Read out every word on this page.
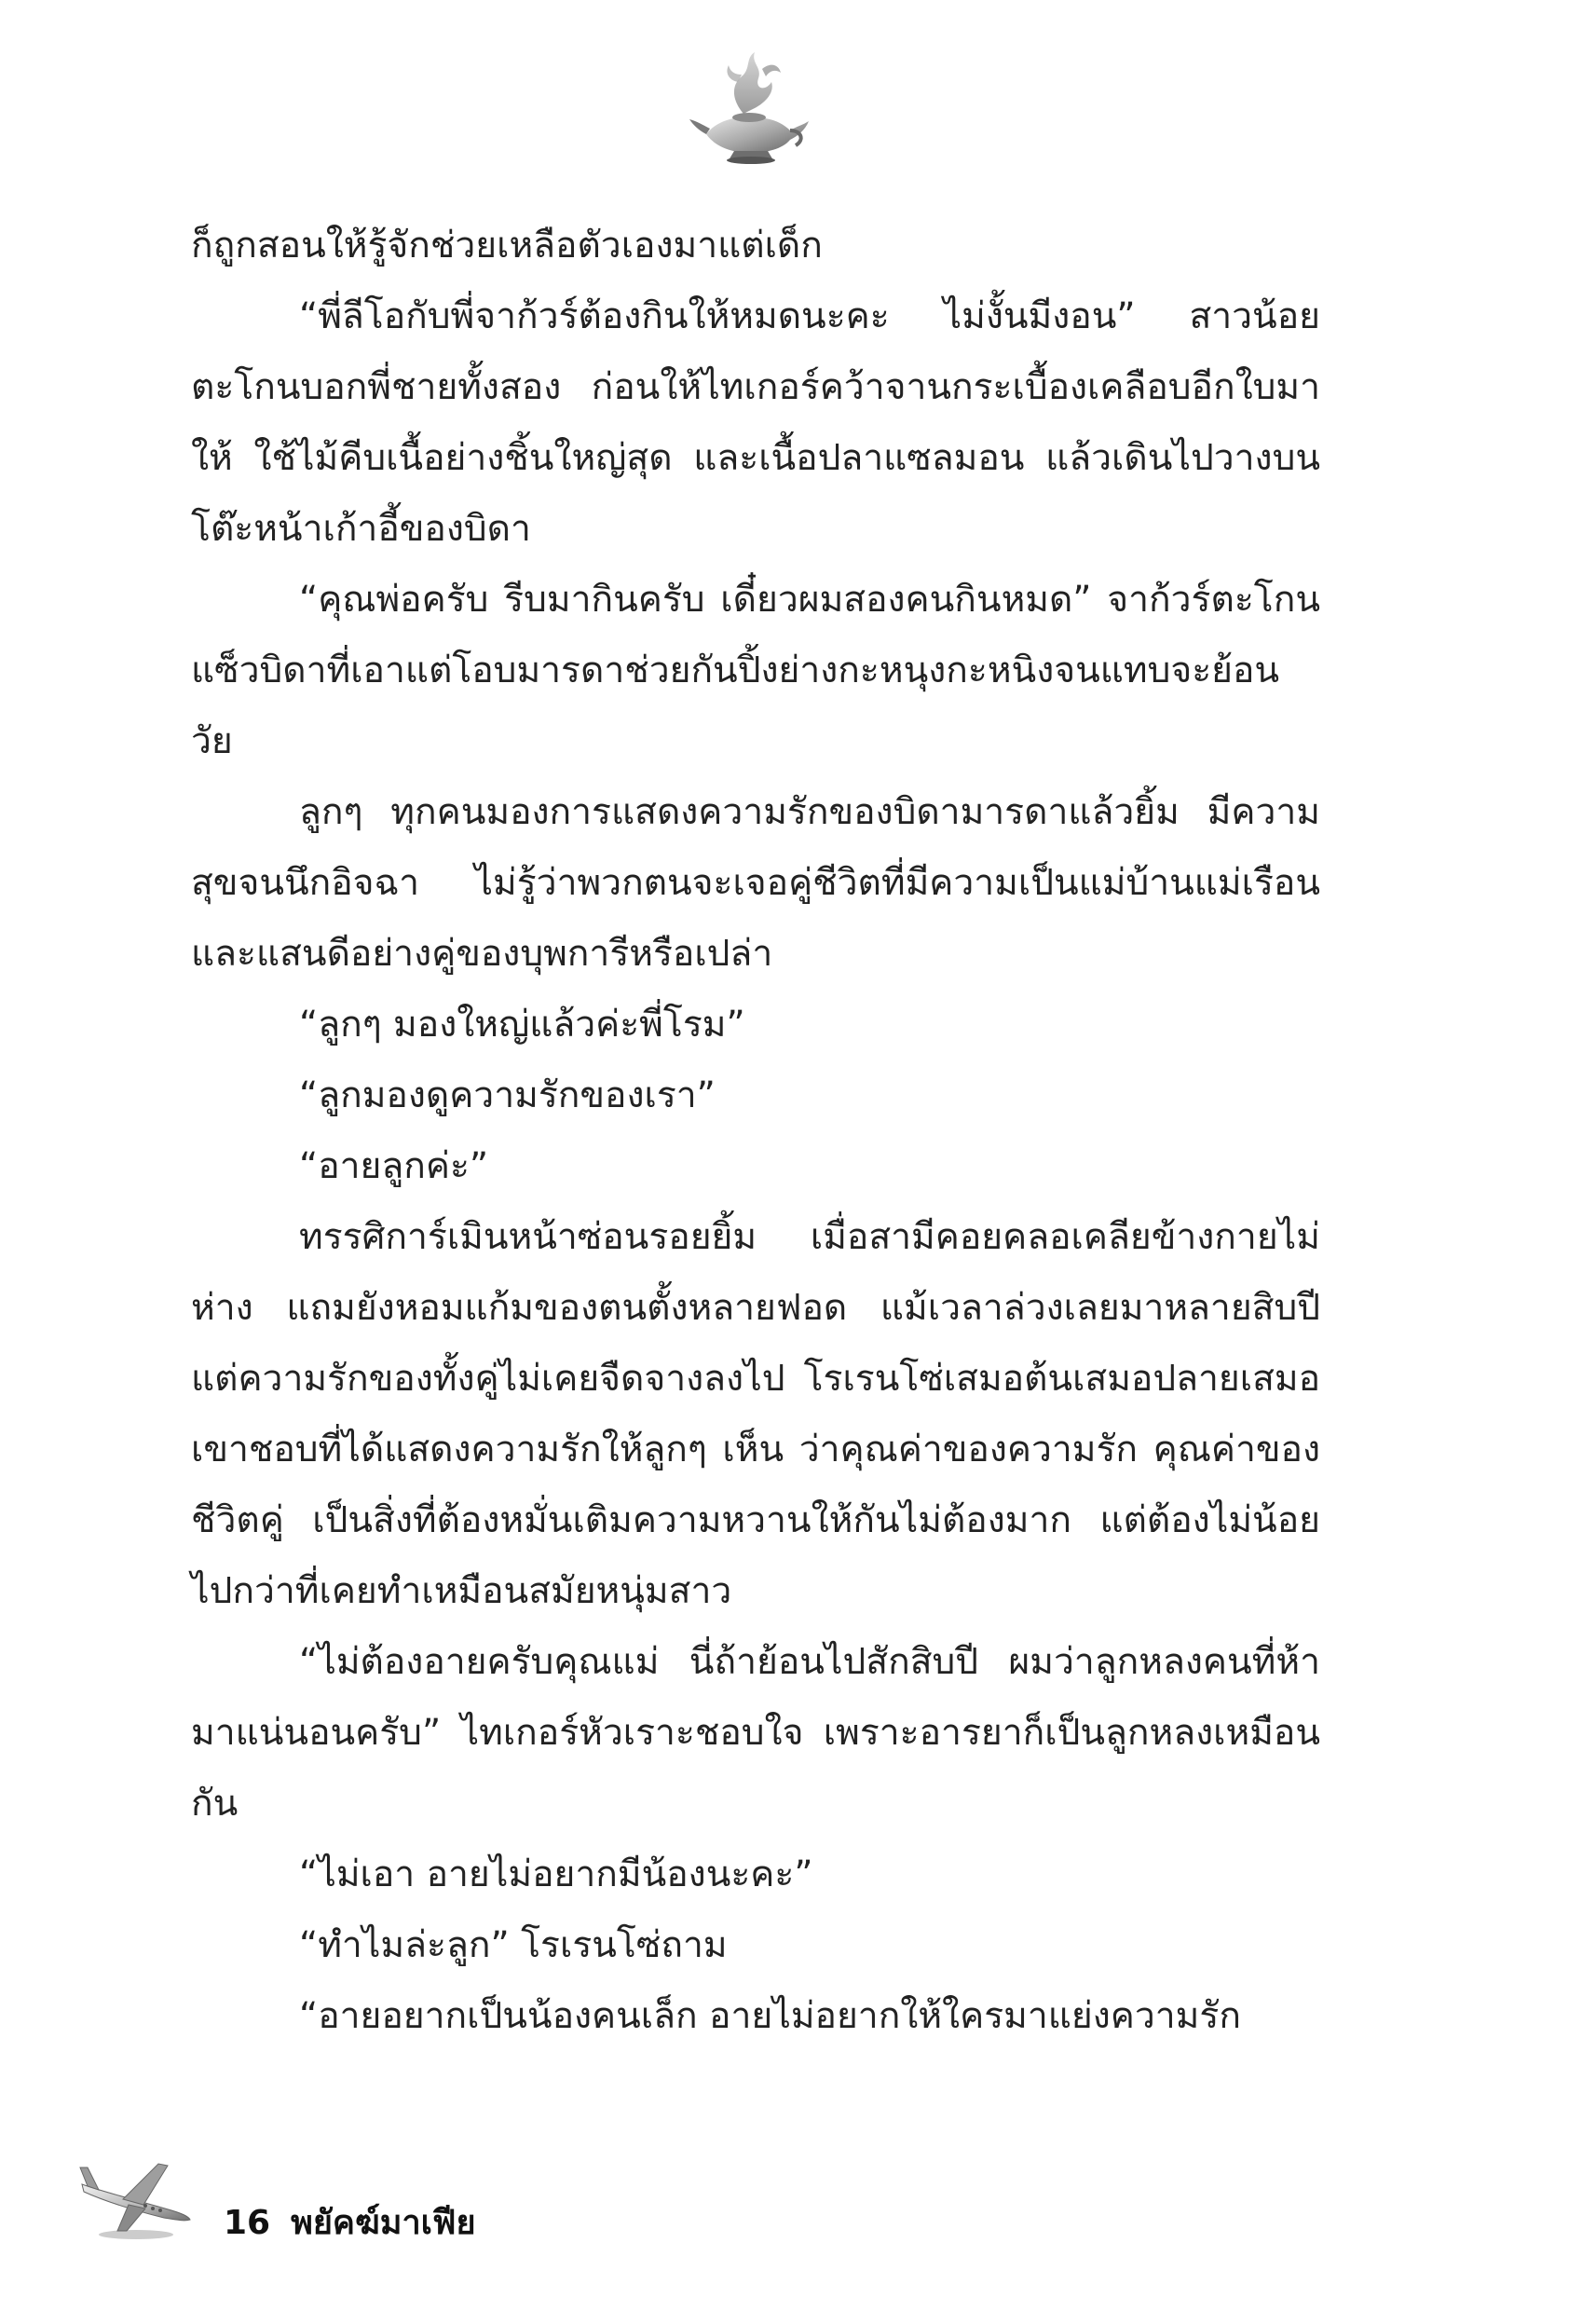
ก็ถูกสอนให้รู้จักช่วยเหลือตัวเองมาแต่เด็ก

“พี่ลีโอกับพี่จาก้วร์ต้องกินให้หมดนะคะ ไม่งั้นมีงอน” สาวน้อยตะโกนบอกพี่ชายทั้งสอง ก่อนให้ไทเกอร์คว้าจานกระเบื้องเคลือบอีกใบมาให้ ใช้ไม้คีบเนื้อย่างชิ้นใหญ่สุด และเนื้อปลาแซลมอน แล้วเดินไปวางบนโต๊ะหน้าเก้าอี้ของบิดา

“คุณพ่อครับ รีบมากินครับ เดี๋ยวผมสองคนกินหมด” จาก้วร์ตะโกนแซ็วบิดาที่เอาแต่โอบมารดาช่วยกันปิ้งย่างกะหนุงกะหนิงจนแทบจะย้อนวัย

ลูกๆ ทุกคนมองการแสดงความรักของบิดามารดาแล้วยิ้ม มีความสุขจนนึกอิจฉา ไม่รู้ว่าพวกตนจะเจอคู่ชีวิตที่มีความเป็นแม่บ้านแม่เรือนและแสนดีอย่างคู่ของบุพการีหรือเปล่า

“ลูกๆ มองใหญ่แล้วค่ะพี่โรม”

“ลูกมองดูความรักของเรา”

“อายลูกค่ะ”

ทรรศิการ์เมินหน้าซ่อนรอยยิ้ม เมื่อสามีคอยคลอเคลียข้างกายไม่ห่าง แถมยังหอมแก้มของตนตั้งหลายฟอด แม้เวลาล่วงเลยมาหลายสิบปี แต่ความรักของทั้งคู่ไม่เคยจืดจางลงไป โรเรนโซ่เสมอต้นเสมอปลายเสมอ เขาชอบที่ได้แสดงความรักให้ลูกๆ เห็น ว่าคุณค่าของความรัก คุณค่าของชีวิตคู่ เป็นสิ่งที่ต้องหมั่นเติมความหวานให้กันไม่ต้องมาก แต่ต้องไม่น้อยไปกว่าที่เคยทำเหมือนสมัยหนุ่มสาว

“ไม่ต้องอายครับคุณแม่ นี่ถ้าย้อนไปสักสิบปี ผมว่าลูกหลงคนที่ห้ามาแน่นอนครับ” ไทเกอร์หัวเราะชอบใจ เพราะอารยาก็เป็นลูกหลงเหมือนกัน

“ไม่เอา อายไม่อยากมีน้องนะคะ”

“ทำไมล่ะลูก” โรเรนโซ่ถาม

“อายอยากเป็นน้องคนเล็ก อายไม่อยากให้ใครมาแย่งความรัก

16 พยัคฆ์มาเฟีย
